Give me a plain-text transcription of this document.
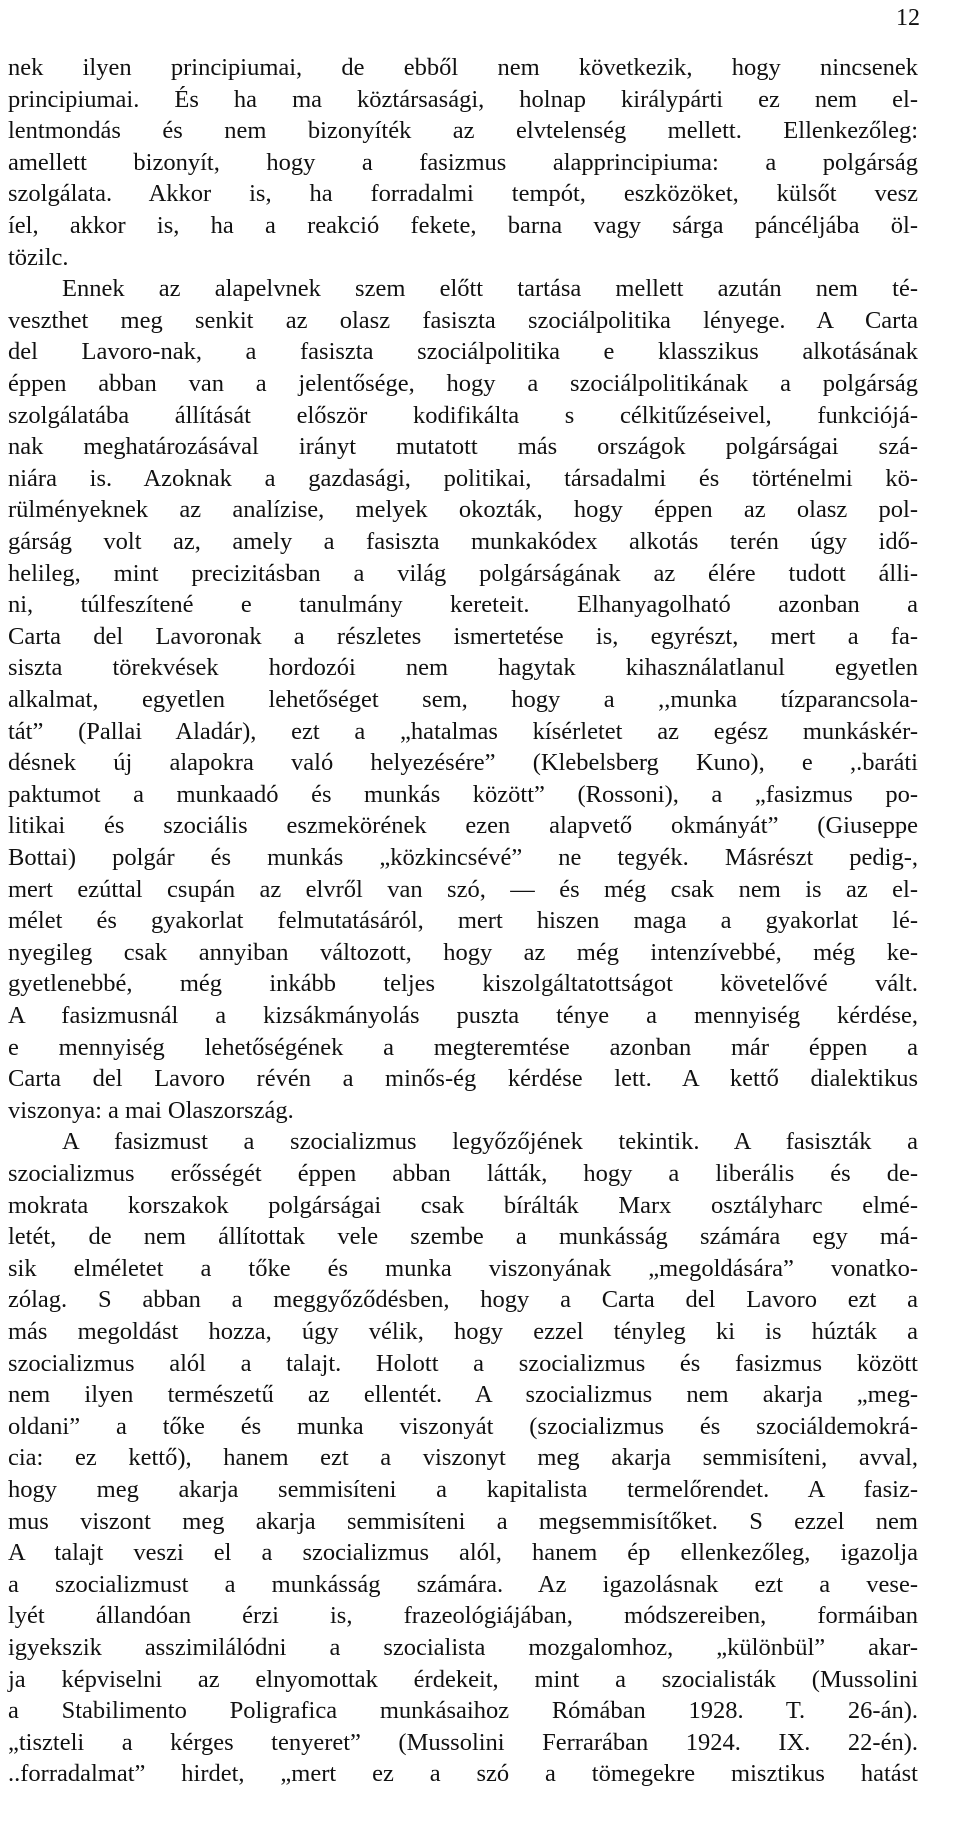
12
nek ilyen principiumai, de ebből nem következik, hogy nincsenek
principiumai. És ha ma köztársasági, holnap királypárti ez nem el-
lentmondás és nem bizonyíték az elvtelenség mellett. Ellenkezőleg:
amellett bizonyít, hogy a fasizmus alapprincipiuma: a polgárság
szolgálata. Akkor is, ha forradalmi tempót, eszközöket, külsőt vesz
íel, akkor is, ha a reakció fekete, barna vagy sárga páncéljába öl-
tözilc.
Ennek az alapelvnek szem előtt tartása mellett azután nem té-
veszthet meg senkit az olasz fasiszta szociálpolitika lényege. A Carta
del Lavoro-nak, a fasiszta szociálpolitika e klasszikus alkotásának
éppen abban van a jelentősége, hogy a szociálpolitikának a polgárság
szolgálatába állítását először kodifikálta s célkitűzéseivel, funkciójá-
nak meghatározásával irányt mutatott más országok polgárságai szá-
niára is. Azoknak a gazdasági, politikai, társadalmi és történelmi kö-
rülményeknek az analízise, melyek okozták, hogy éppen az olasz pol-
gárság volt az, amely a fasiszta munkakódex alkotás terén úgy idő-
helileg, mint precizitásban a világ polgárságának az élére tudott álli-
ni, túlfeszítené e tanulmány kereteit. Elhanyagolható azonban a
Carta del Lavoronak a részletes ismertetése is, egyrészt, mert a fa-
siszta törekvések hordozói nem hagytak kihasználatlanul egyetlen
alkalmat, egyetlen lehetőséget sem, hogy a ,,munka tízparancsola-
tát” (Pallai Aladár), ezt a „hatalmas kísérletet az egész munkáskér-
désnek új alapokra való helyezésére” (Klebelsberg Kuno), e ,.baráti
paktumot a munkaadó és munkás között” (Rossoni), a „fasizmus po-
litikai és szociális eszmekörének ezen alapvető okmányát” (Giuseppe
Bottai) polgár és munkás „közkincsévé” ne tegyék. Másrészt pedig-,
mert ezúttal csupán az elvről van szó, — és még csak nem is az el-
mélet és gyakorlat felmutatásáról, mert hiszen maga a gyakorlat lé-
nyegileg csak annyiban változott, hogy az még intenzívebbé, még ke-
gyetlenebbé, még inkább teljes kiszolgáltatottságot követelővé vált.
A fasizmusnál a kizsákmányolás puszta ténye a mennyiség kérdése,
e mennyiség lehetőségének a megteremtése azonban már éppen a
Carta del Lavoro révén a minős-ég kérdése lett. A kettő dialektikus
viszonya: a mai Olaszország.
A fasizmust a szocializmus legyőzőjének tekintik. A fasiszták a
szocializmus erősségét éppen abban látták, hogy a liberális és de-
mokrata korszakok polgárságai csak bírálták Marx osztályharc elmé-
letét, de nem állítottak vele szembe a munkásság számára egy má-
sik elméletet a tőke és munka viszonyának „megoldására” vonatko-
zólag. S abban a meggyőződésben, hogy a Carta del Lavoro ezt a
más megoldást hozza, úgy vélik, hogy ezzel tényleg ki is húzták a
szocializmus alól a talajt. Holott a szocializmus és fasizmus között
nem ilyen természetű az ellentét. A szocializmus nem akarja „meg-
oldani” a tőke és munka viszonyát (szocializmus és szociáldemokrá-
cia: ez kettő), hanem ezt a viszonyt meg akarja semmisíteni, avval,
hogy meg akarja semmisíteni a kapitalista termelőrendet. A fasiz-
mus viszont meg akarja semmisíteni a megsemmisítőket. S ezzel nem
A talajt veszi el a szocializmus alól, hanem ép ellenkezőleg, igazolja
a szocializmust a munkásság számára. Az igazolásnak ezt a vese-
lyét állandóan érzi is, frazeológiájában, módszereiben, formáiban
igyekszik asszimilálódni a szocialista mozgalomhoz, „különbül” akar-
ja képviselni az elnyomottak érdekeit, mint a szocialisták (Mussolini
a Stabilimento Poligrafica munkásaihoz Rómában 1928. T. 26-án).
„tiszteli a kérges tenyeret” (Mussolini Ferrarában 1924. IX. 22-én).
..forradalmat” hirdet, „mert ez a szó a tömegekre misztikus hatást
